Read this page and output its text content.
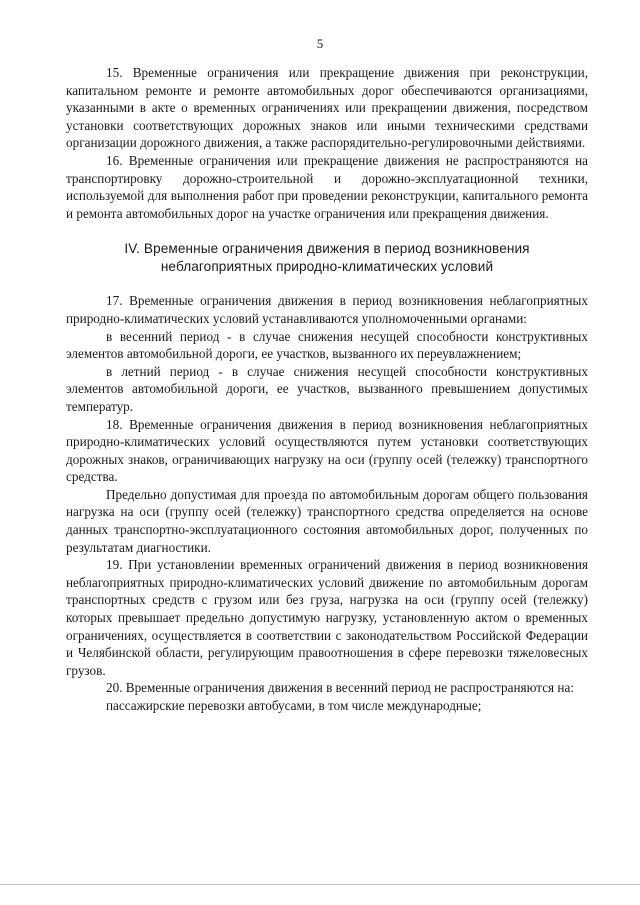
5

15. Временные ограничения или прекращение движения при реконструкции, капитальном ремонте и ремонте автомобильных дорог обеспечиваются организациями, указанными в акте о временных ограничениях или прекращении движения, посредством установки соответствующих дорожных знаков или иными техническими средствами организации дорожного движения, а также распорядительно-регулировочными действиями.

16. Временные ограничения или прекращение движения не распространяются на транспортировку дорожно-строительной и дорожно-эксплуатационной техники, используемой для выполнения работ при проведении реконструкции, капитального ремонта и ремонта автомобильных дорог на участке ограничения или прекращения движения.

IV. Временные ограничения движения в период возникновения
неблагоприятных природно-климатических условий

17. Временные ограничения движения в период возникновения неблагоприятных природно-климатических условий устанавливаются уполномоченными органами:

в весенний период - в случае снижения несущей способности конструктивных элементов автомобильной дороги, ее участков, вызванного их переувлажнением;

в летний период - в случае снижения несущей способности конструктивных элементов автомобильной дороги, ее участков, вызванного превышением допустимых температур.

18. Временные ограничения движения в период возникновения неблагоприятных природно-климатических условий осуществляются путем установки соответствующих дорожных знаков, ограничивающих нагрузку на оси (группу осей (тележку) транспортного средства.

Предельно допустимая для проезда по автомобильным дорогам общего пользования нагрузка на оси (группу осей (тележку) транспортного средства определяется на основе данных транспортно-эксплуатационного состояния автомобильных дорог, полученных по результатам диагностики.

19. При установлении временных ограничений движения в период возникновения неблагоприятных природно-климатических условий движение по автомобильным дорогам транспортных средств с грузом или без груза, нагрузка на оси (группу осей (тележку) которых превышает предельно допустимую нагрузку, установленную актом о временных ограничениях, осуществляется в соответствии с законодательством Российской Федерации и Челябинской области, регулирующим правоотношения в сфере перевозки тяжеловесных грузов.

20. Временные ограничения движения в весенний период не распространяются на:

пассажирские перевозки автобусами, в том числе международные;
